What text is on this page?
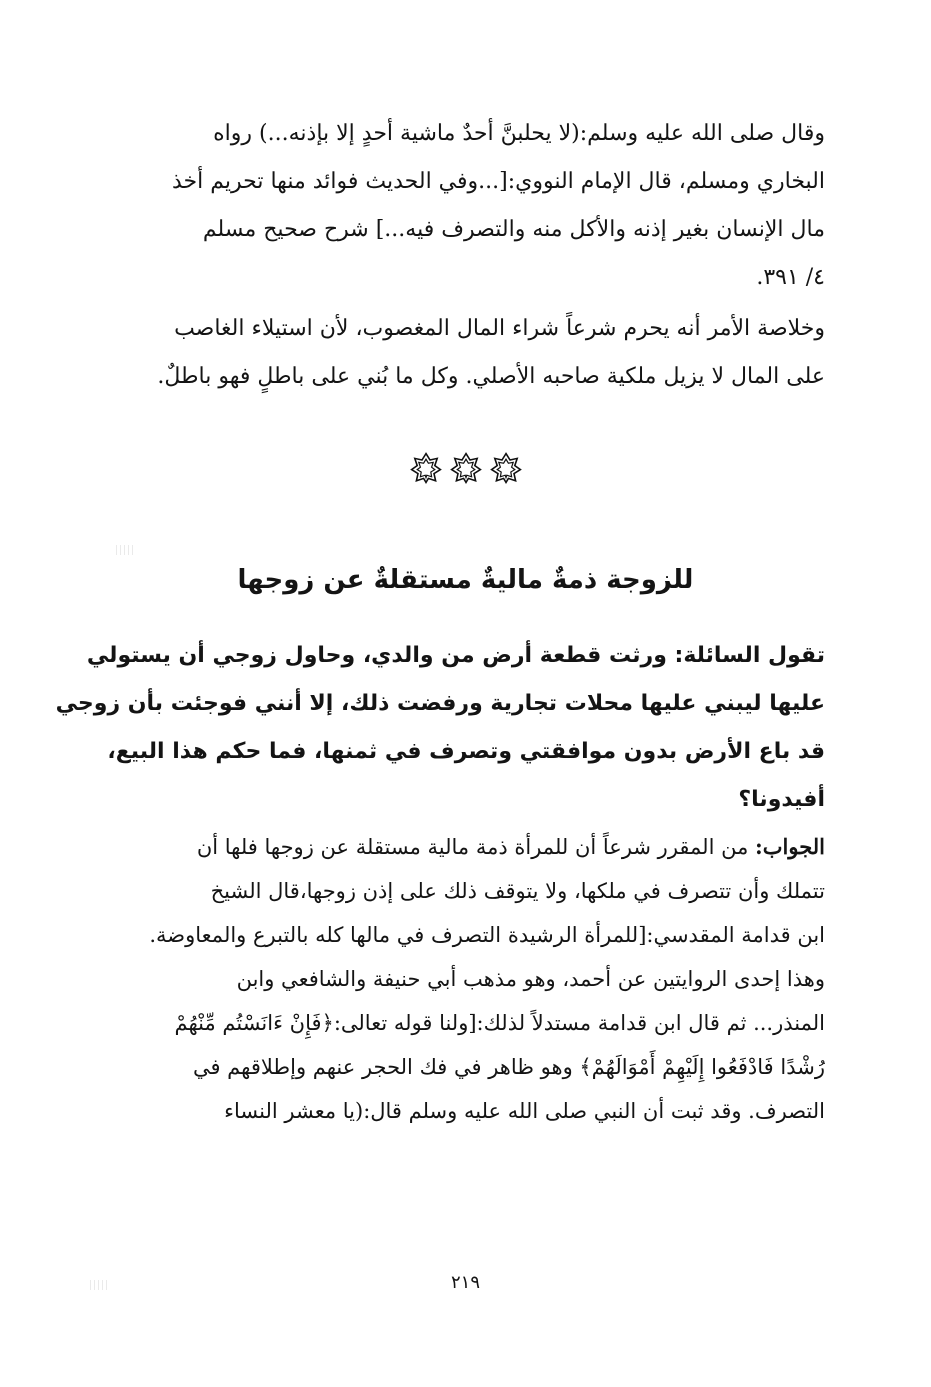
وقال صلى الله عليه وسلم:(لا يحلبنَّ أحدٌ ماشية أحدٍ إلا بإذنه...) رواه

البخاري ومسلم، قال الإمام النووي:[...وفي الحديث فوائد منها تحريم أخذ

مال الإنسان بغير إذنه والأكل منه والتصرف فيه...] شرح صحيح مسلم

٤/ ٣٩١.

وخلاصة الأمر أنه يحرم شرعاً شراء المال المغصوب، لأن استيلاء الغاصب

على المال لا يزيل ملكية صاحبه الأصلي. وكل ما بُني على باطلٍ فهو باطلٌ.

للزوجة ذمةٌ ماليةٌ مستقلةٌ عن زوجها

تقول السائلة: ورثت قطعة أرض من والدي، وحاول زوجي أن يستولي

عليها ليبني عليها محلات تجارية ورفضت ذلك، إلا أنني فوجئت بأن زوجي

قد باع الأرض بدون موافقتي وتصرف في ثمنها، فما حكم هذا البيع،

أفيدونا؟

الجواب: من المقرر شرعاً أن للمرأة ذمة مالية مستقلة عن زوجها فلها أن

تتملك وأن تتصرف في ملكها، ولا يتوقف ذلك على إذن زوجها،قال الشيخ

ابن قدامة المقدسي:[للمرأة الرشيدة التصرف في مالها كله بالتبرع والمعاوضة.

وهذا إحدى الروايتين عن أحمد، وهو مذهب أبي حنيفة والشافعي وابن

المنذر... ثم قال ابن قدامة مستدلاً لذلك:[ولنا قوله تعالى:﴿فَإِنْ ءَانَسْتُم مِّنْهُمْ

رُشْدًا فَادْفَعُوا إِلَيْهِمْ أَمْوَالَهُمْ﴾ وهو ظاهر في فك الحجر عنهم وإطلاقهم في

التصرف. وقد ثبت أن النبي صلى الله عليه وسلم قال:(يا معشر النساء

٢١٩
